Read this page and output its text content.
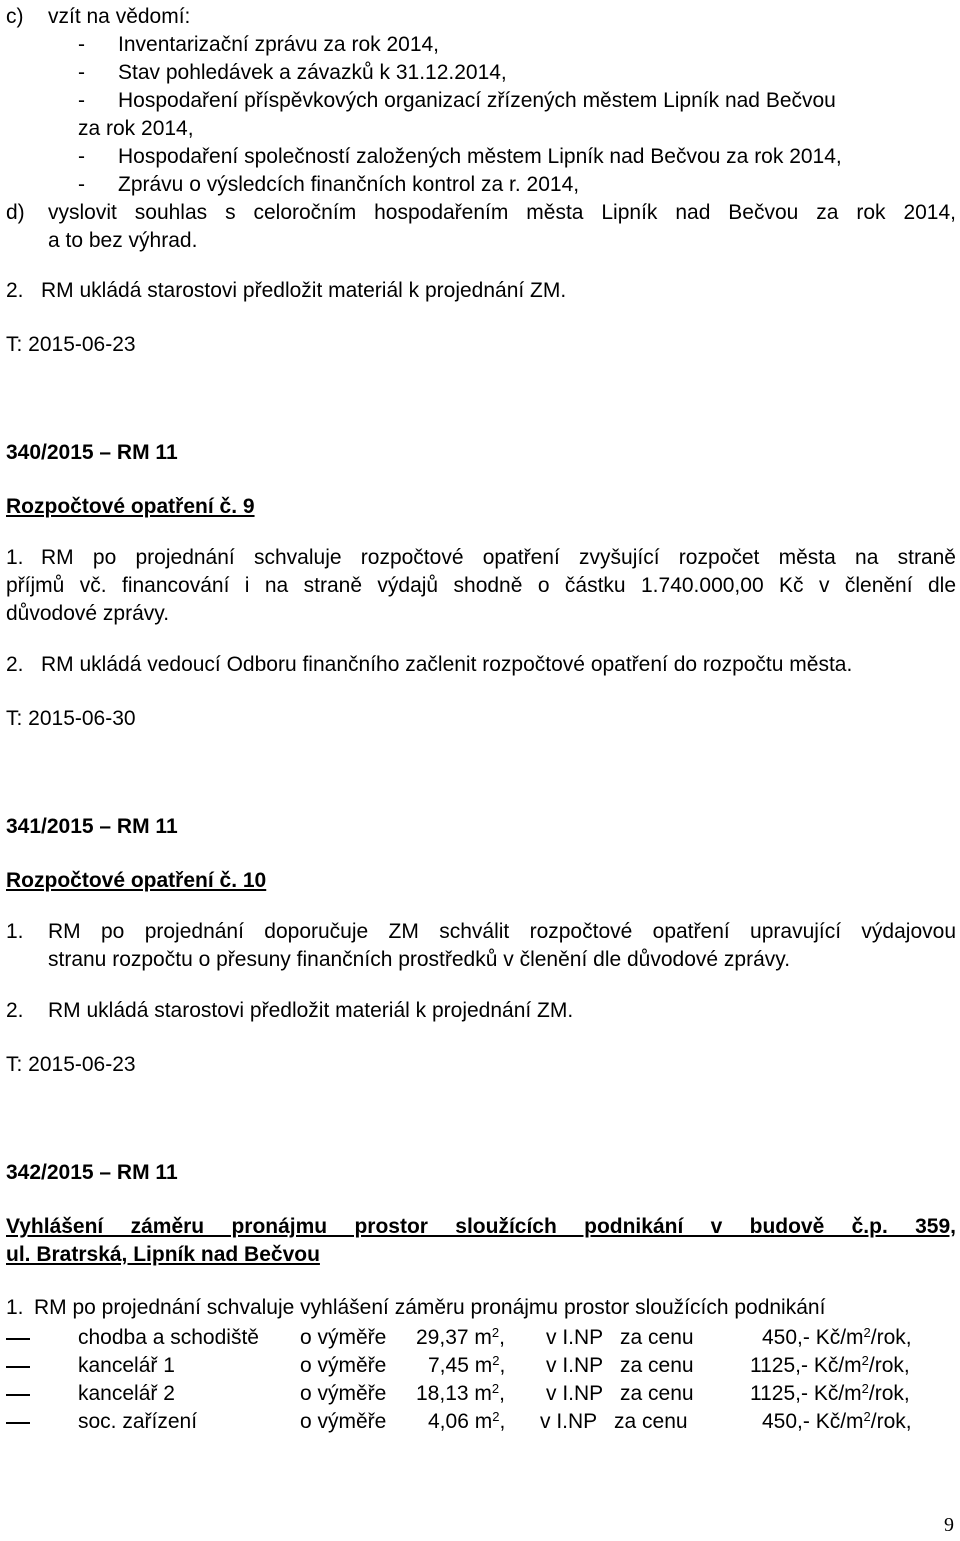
c) vzít na vědomí:
- Inventarizační zprávu za rok 2014,
- Stav pohledávek a závazků k 31.12.2014,
- Hospodaření příspěvkových organizací zřízených městem Lipník nad Bečvou
za rok 2014,
- Hospodaření společností založených městem Lipník nad Bečvou za rok 2014,
- Zprávu o výsledcích finančních kontrol za r. 2014,
d) vyslovit souhlas s celoročním hospodařením města Lipník nad Bečvou za rok 2014,
a to bez výhrad.
2. RM ukládá starostovi předložit materiál k projednání ZM.
T: 2015-06-23
340/2015 – RM 11
Rozpočtové opatření č. 9
1. RM po projednání schvaluje rozpočtové opatření zvyšující rozpočet města na straně
příjmů vč. financování i na straně výdajů shodně o částku 1.740.000,00 Kč v členění dle
důvodové zprávy.
2. RM ukládá vedoucí Odboru finančního začlenit rozpočtové opatření do rozpočtu města.
T: 2015-06-30
341/2015 – RM 11
Rozpočtové opatření č. 10
1. RM po projednání doporučuje ZM schválit rozpočtové opatření upravující výdajovou
stranu rozpočtu o přesuny finančních prostředků v členění dle důvodové zprávy.
2. RM ukládá starostovi předložit materiál k projednání ZM.
T: 2015-06-23
342/2015 – RM 11
Vyhlášení záměru pronájmu prostor sloužících podnikání v budově č.p. 359,
ul. Bratrská, Lipník nad Bečvou
1. RM po projednání schvaluje vyhlášení záměru pronájmu prostor sloužících podnikání
chodba a schodiště o výměře 29,37 $m^2$, v I.NP za cenu	450,- $Kč/m^2$/rok,
kancelář 1	o výměře 7,45 $m^2$, v I.NP za cenu	1125,- $Kč/m^2$/rok,
kancelář 2	o výměře 18,13 $m^2$, v I.NP za cenu	1125,- $Kč/m^2$/rok,
soc. zařízení	o výměře 4,06 $m^2$, v I.NP za cenu	450,- $Kč/m^2$/rok,
9
